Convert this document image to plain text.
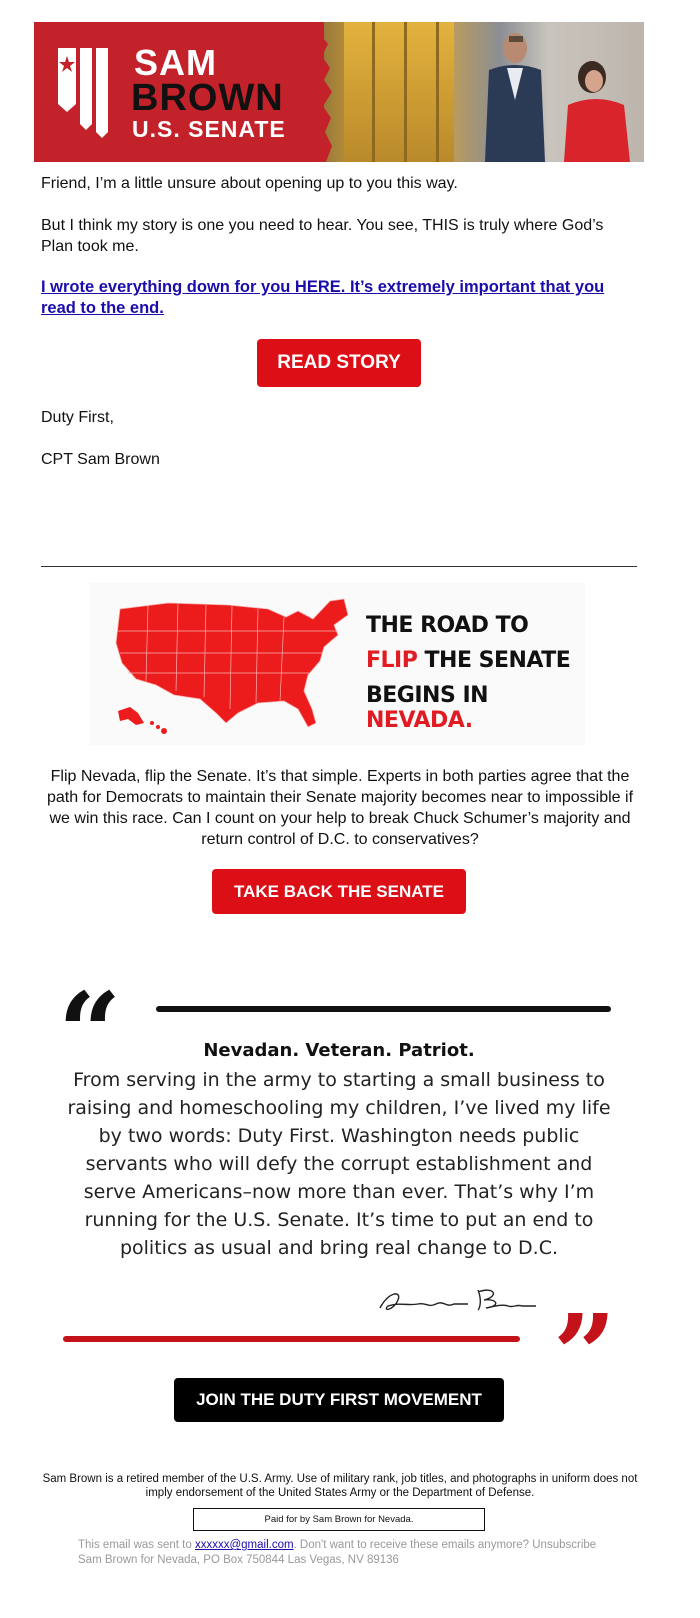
SAM
BROWN
U.S. SENATE
Friend, I’m a little unsure about opening up to you this way.
But I think my story is one you need to hear. You see, THIS is truly where God’s Plan took me.
I wrote everything down for you HERE. It’s extremely important that you read to the end.
READ STORY
Duty First,
CPT Sam Brown
THE ROAD TO
FLIP THE SENATE
BEGINS IN NEVADA.
Flip Nevada, flip the Senate. It’s that simple. Experts in both parties agree that the path for Democrats to maintain their Senate majority becomes near to impossible if we win this race. Can I count on your help to break Chuck Schumer’s majority and return control of D.C. to conservatives?
TAKE BACK THE SENATE
“	Nevadan. Veteran. Patriot.
From serving in the army to starting a small business to raising and homeschooling my children, I’ve lived my life by two words: Duty First. Washington needs public servants who will defy the corrupt establishment and serve Americans–now more than ever. That’s why I’m running for the U.S. Senate. It’s time to put an end to politics as usual and bring real change to D.C.
”
JOIN THE DUTY FIRST MOVEMENT
Sam Brown is a retired member of the U.S. Army. Use of military rank, job titles, and photographs in uniform does not imply endorsement of the United States Army or the Department of Defense.
Paid for by Sam Brown for Nevada.
This email was sent to xxxxxx@gmail.com. Don't want to receive these emails anymore? Unsubscribe
Sam Brown for Nevada, PO Box 750844 Las Vegas, NV 89136
